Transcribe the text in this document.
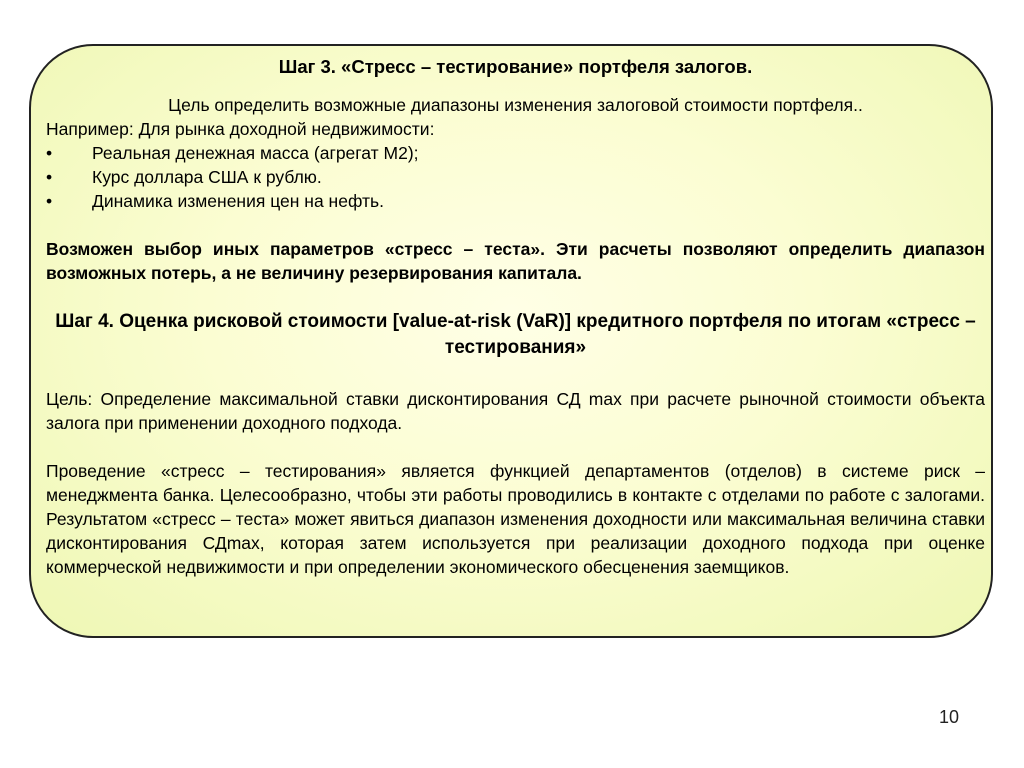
Шаг 3. «Стресс – тестирование» портфеля залогов.

Цель определить возможные диапазоны изменения залоговой стоимости портфеля..

Например: Для рынка доходной недвижимости:

• Реальная денежная масса (агрегат М2);
• Курс доллара США к рублю.
• Динамика изменения цен на нефть.

Возможен выбор иных параметров «стресс – теста». Эти расчеты позволяют определить диапазон возможных потерь, а не величину резервирования капитала.

Шаг 4. Оценка рисковой стоимости [value-at-risk (VaR)] кредитного портфеля по итогам «стресс – тестирования»

Цель: Определение максимальной ставки дисконтирования СД max при расчете рыночной стоимости объекта залога при применении доходного подхода.

Проведение «стресс – тестирования» является функцией департаментов (отделов) в системе риск – менеджмента банка. Целесообразно, чтобы эти работы проводились в контакте с отделами по работе с залогами. Результатом «стресс – теста» может явиться диапазон изменения доходности или максимальная величина ставки дисконтирования СДmax, которая затем используется при реализации доходного подхода при оценке коммерческой недвижимости и при определении экономического обесценения заемщиков.

10
